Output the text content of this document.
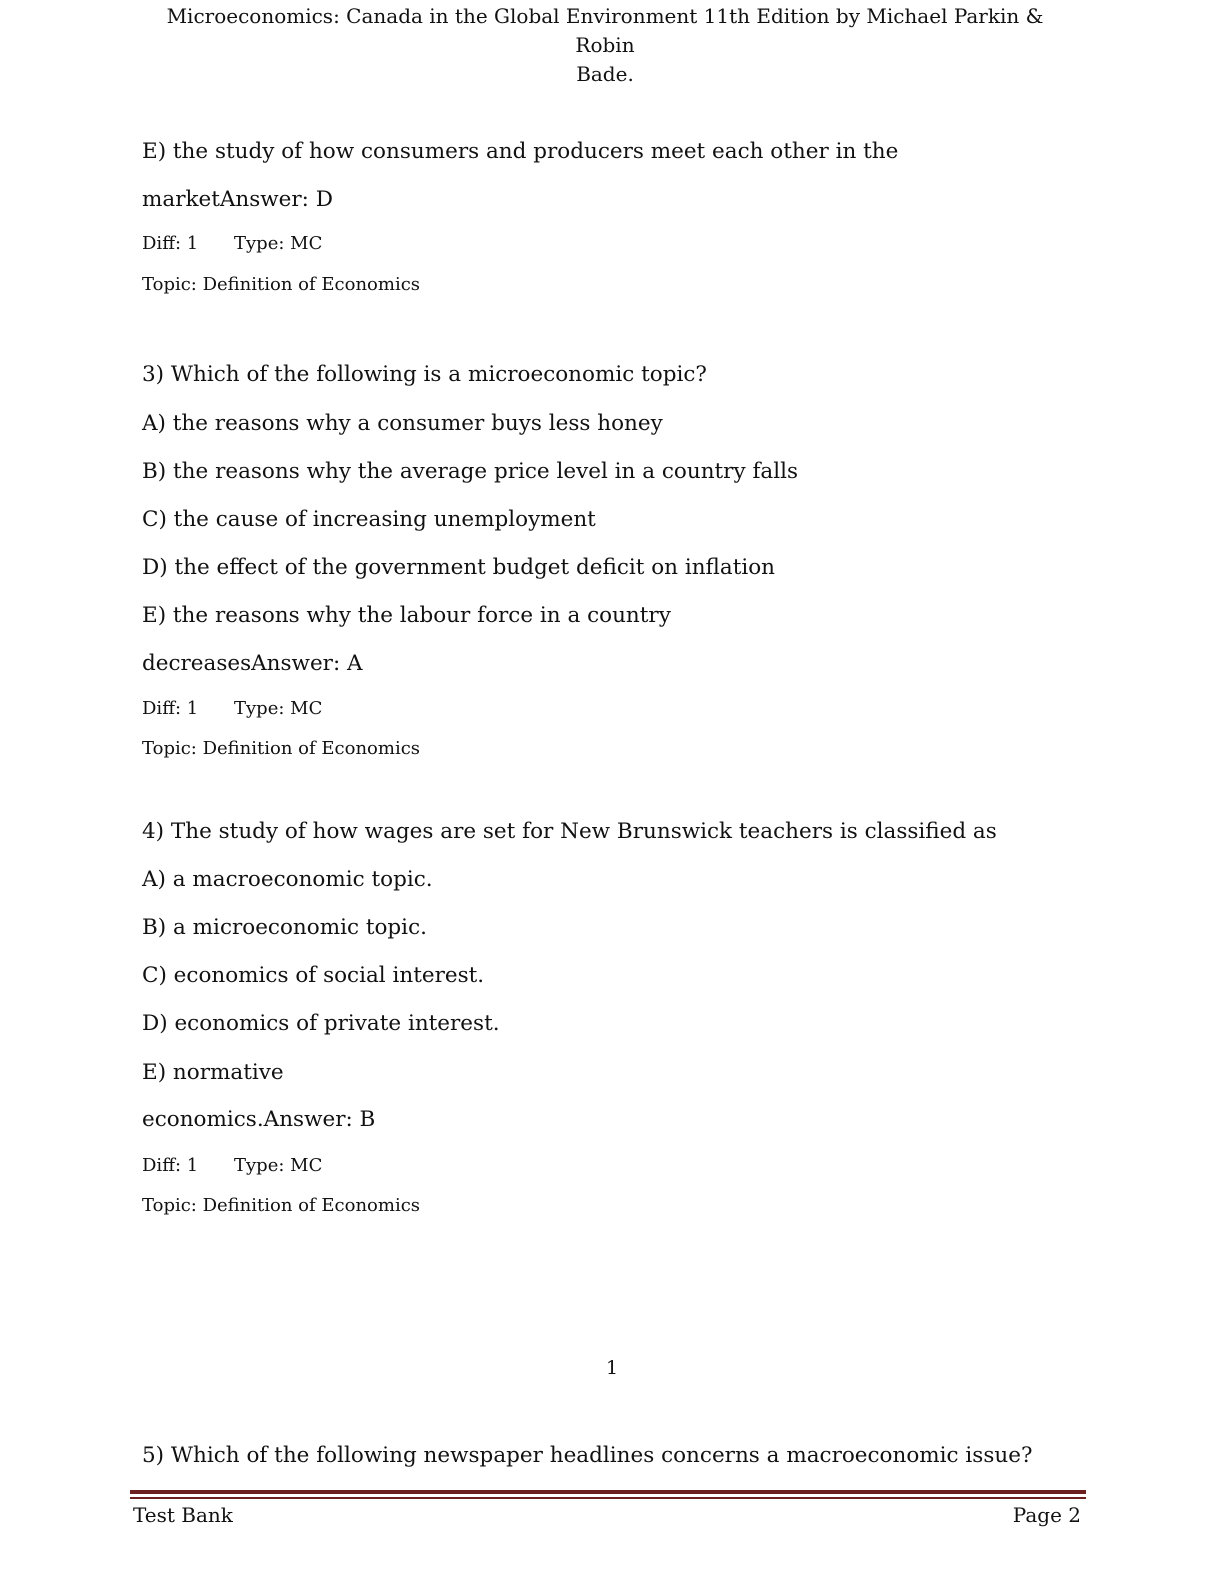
Microeconomics: Canada in the Global Environment 11th Edition by Michael Parkin & Robin
Bade.
E) the study of how consumers and producers meet each other in the
marketAnswer: D
Diff: 1 Type: MC
Topic: Definition of Economics
3) Which of the following is a microeconomic topic?
A) the reasons why a consumer buys less honey
B) the reasons why the average price level in a country falls
C) the cause of increasing unemployment
D) the effect of the government budget deficit on inflation
E) the reasons why the labour force in a country
decreasesAnswer: A
Diff: 1 Type: MC
Topic: Definition of Economics
4) The study of how wages are set for New Brunswick teachers is classified as
A) a macroeconomic topic.
B) a microeconomic topic.
C) economics of social interest.
D) economics of private interest.
E) normative
economics.Answer: B
Diff: 1 Type: MC
Topic: Definition of Economics
1
5) Which of the following newspaper headlines concerns a macroeconomic issue?
Test Bank	Page 2
